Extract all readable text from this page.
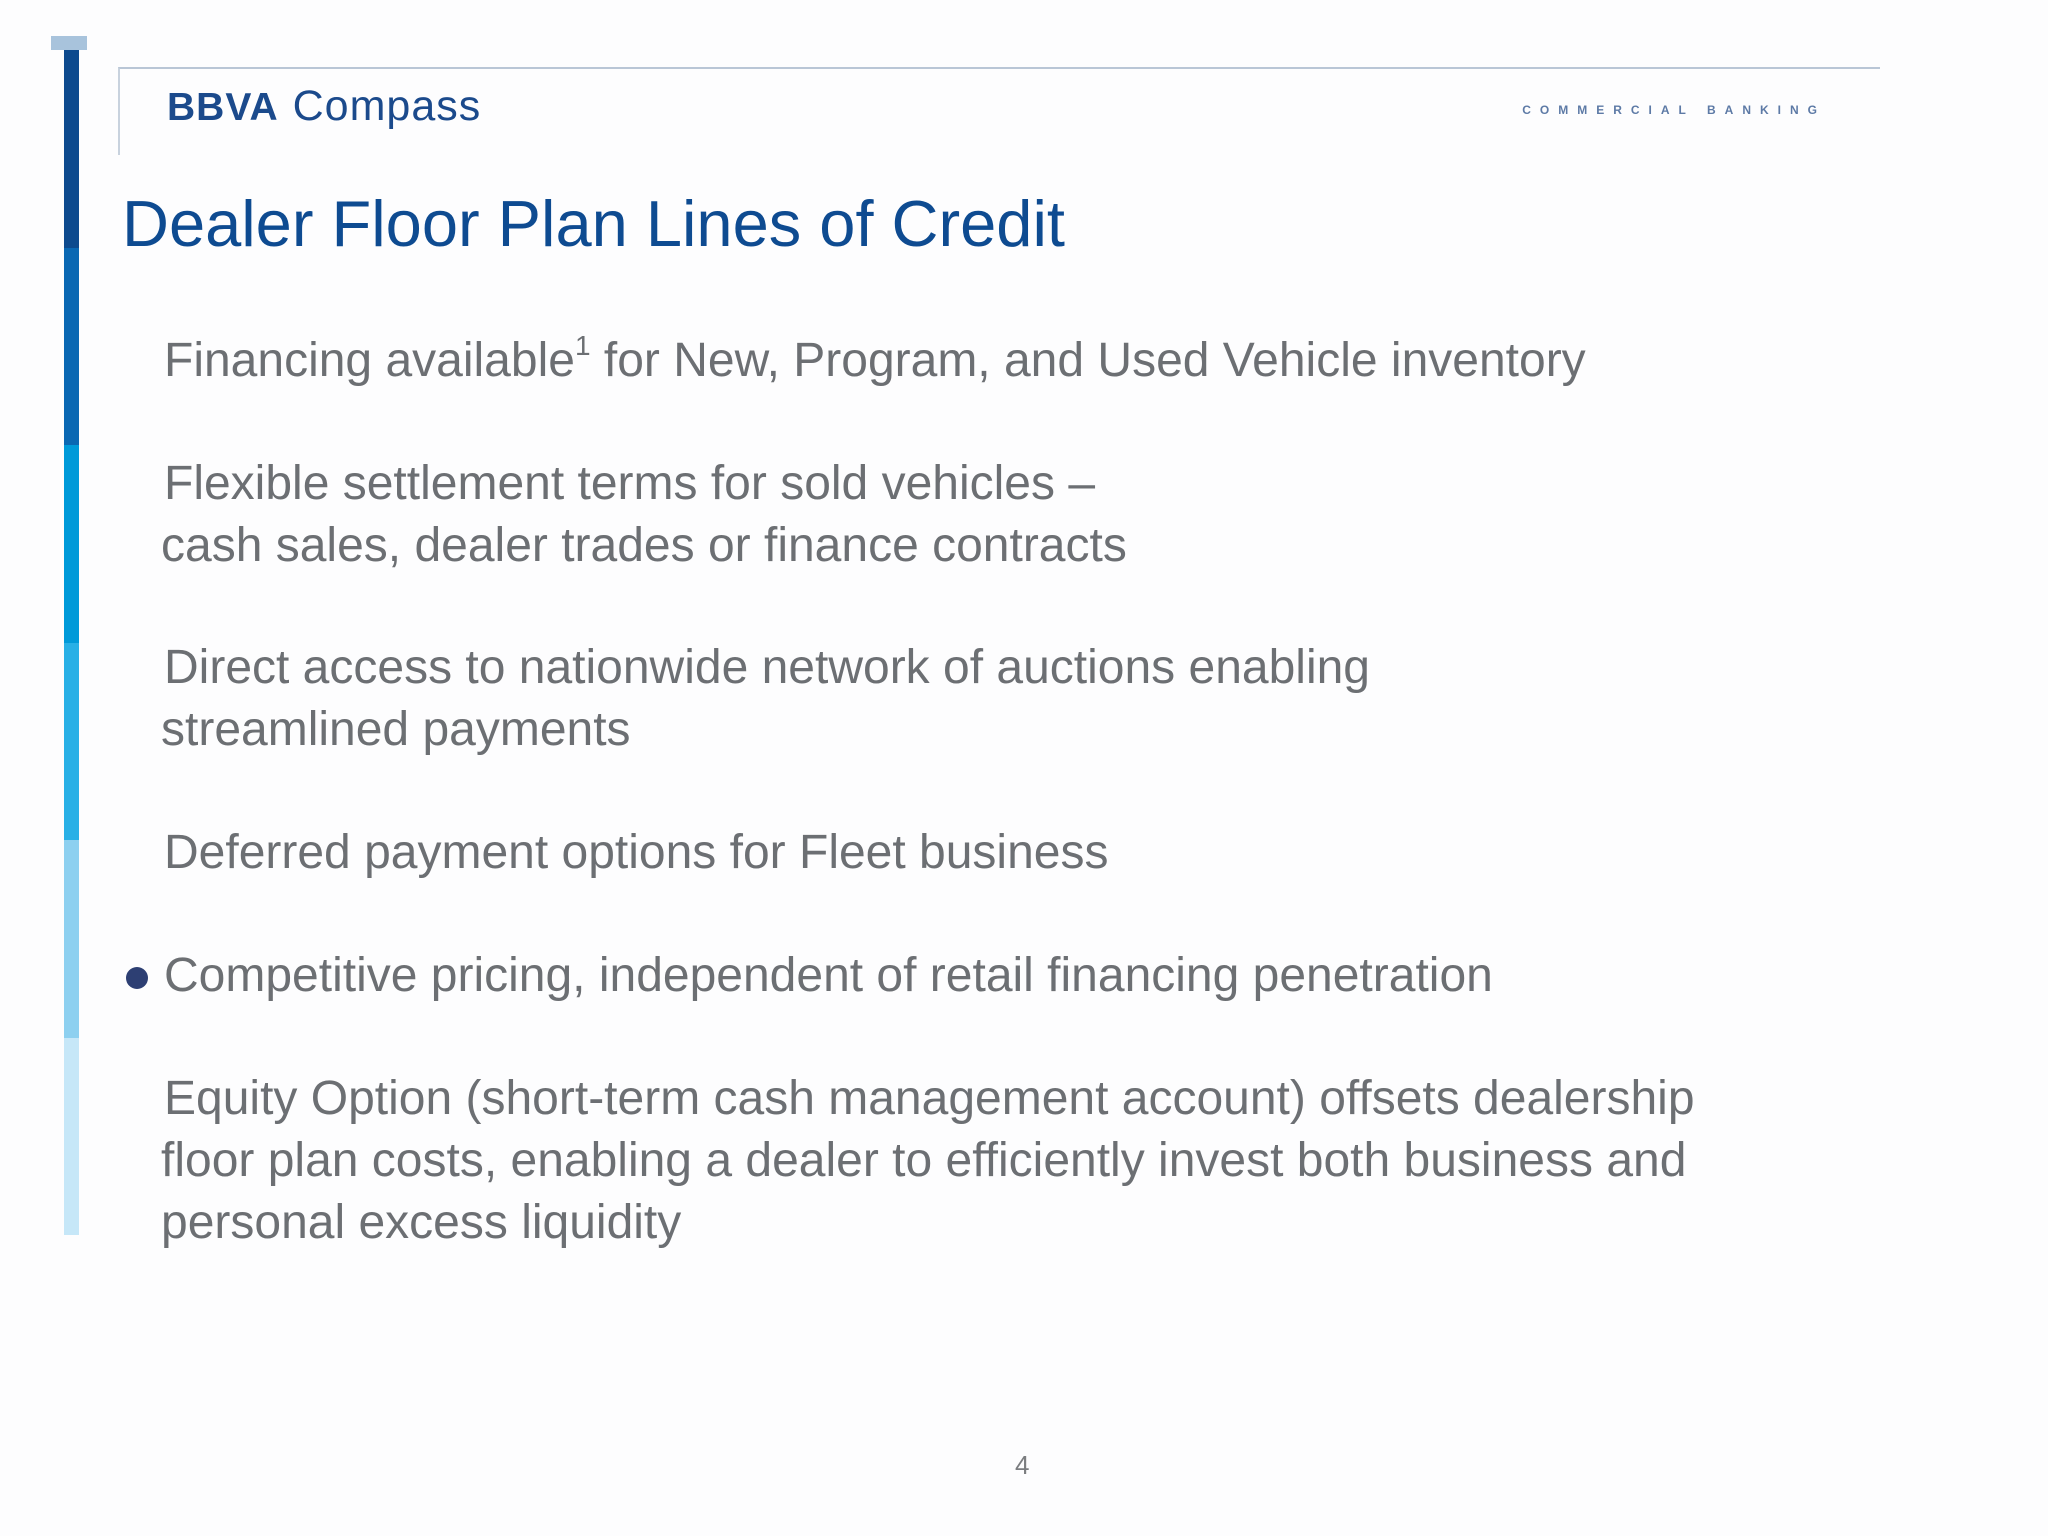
BBVA Compass	COMMERCIAL BANKING
Dealer Floor Plan Lines of Credit
Financing available$^1$ for New, Program, and Used Vehicle inventory
Flexible settlement terms for sold vehicles –
cash sales, dealer trades or finance contracts
Direct access to nationwide network of auctions enabling
streamlined payments
Deferred payment options for Fleet business
Competitive pricing, independent of retail financing penetration
Equity Option (short-term cash management account) offsets dealership
floor plan costs, enabling a dealer to efficiently invest both business and
personal excess liquidity
4
